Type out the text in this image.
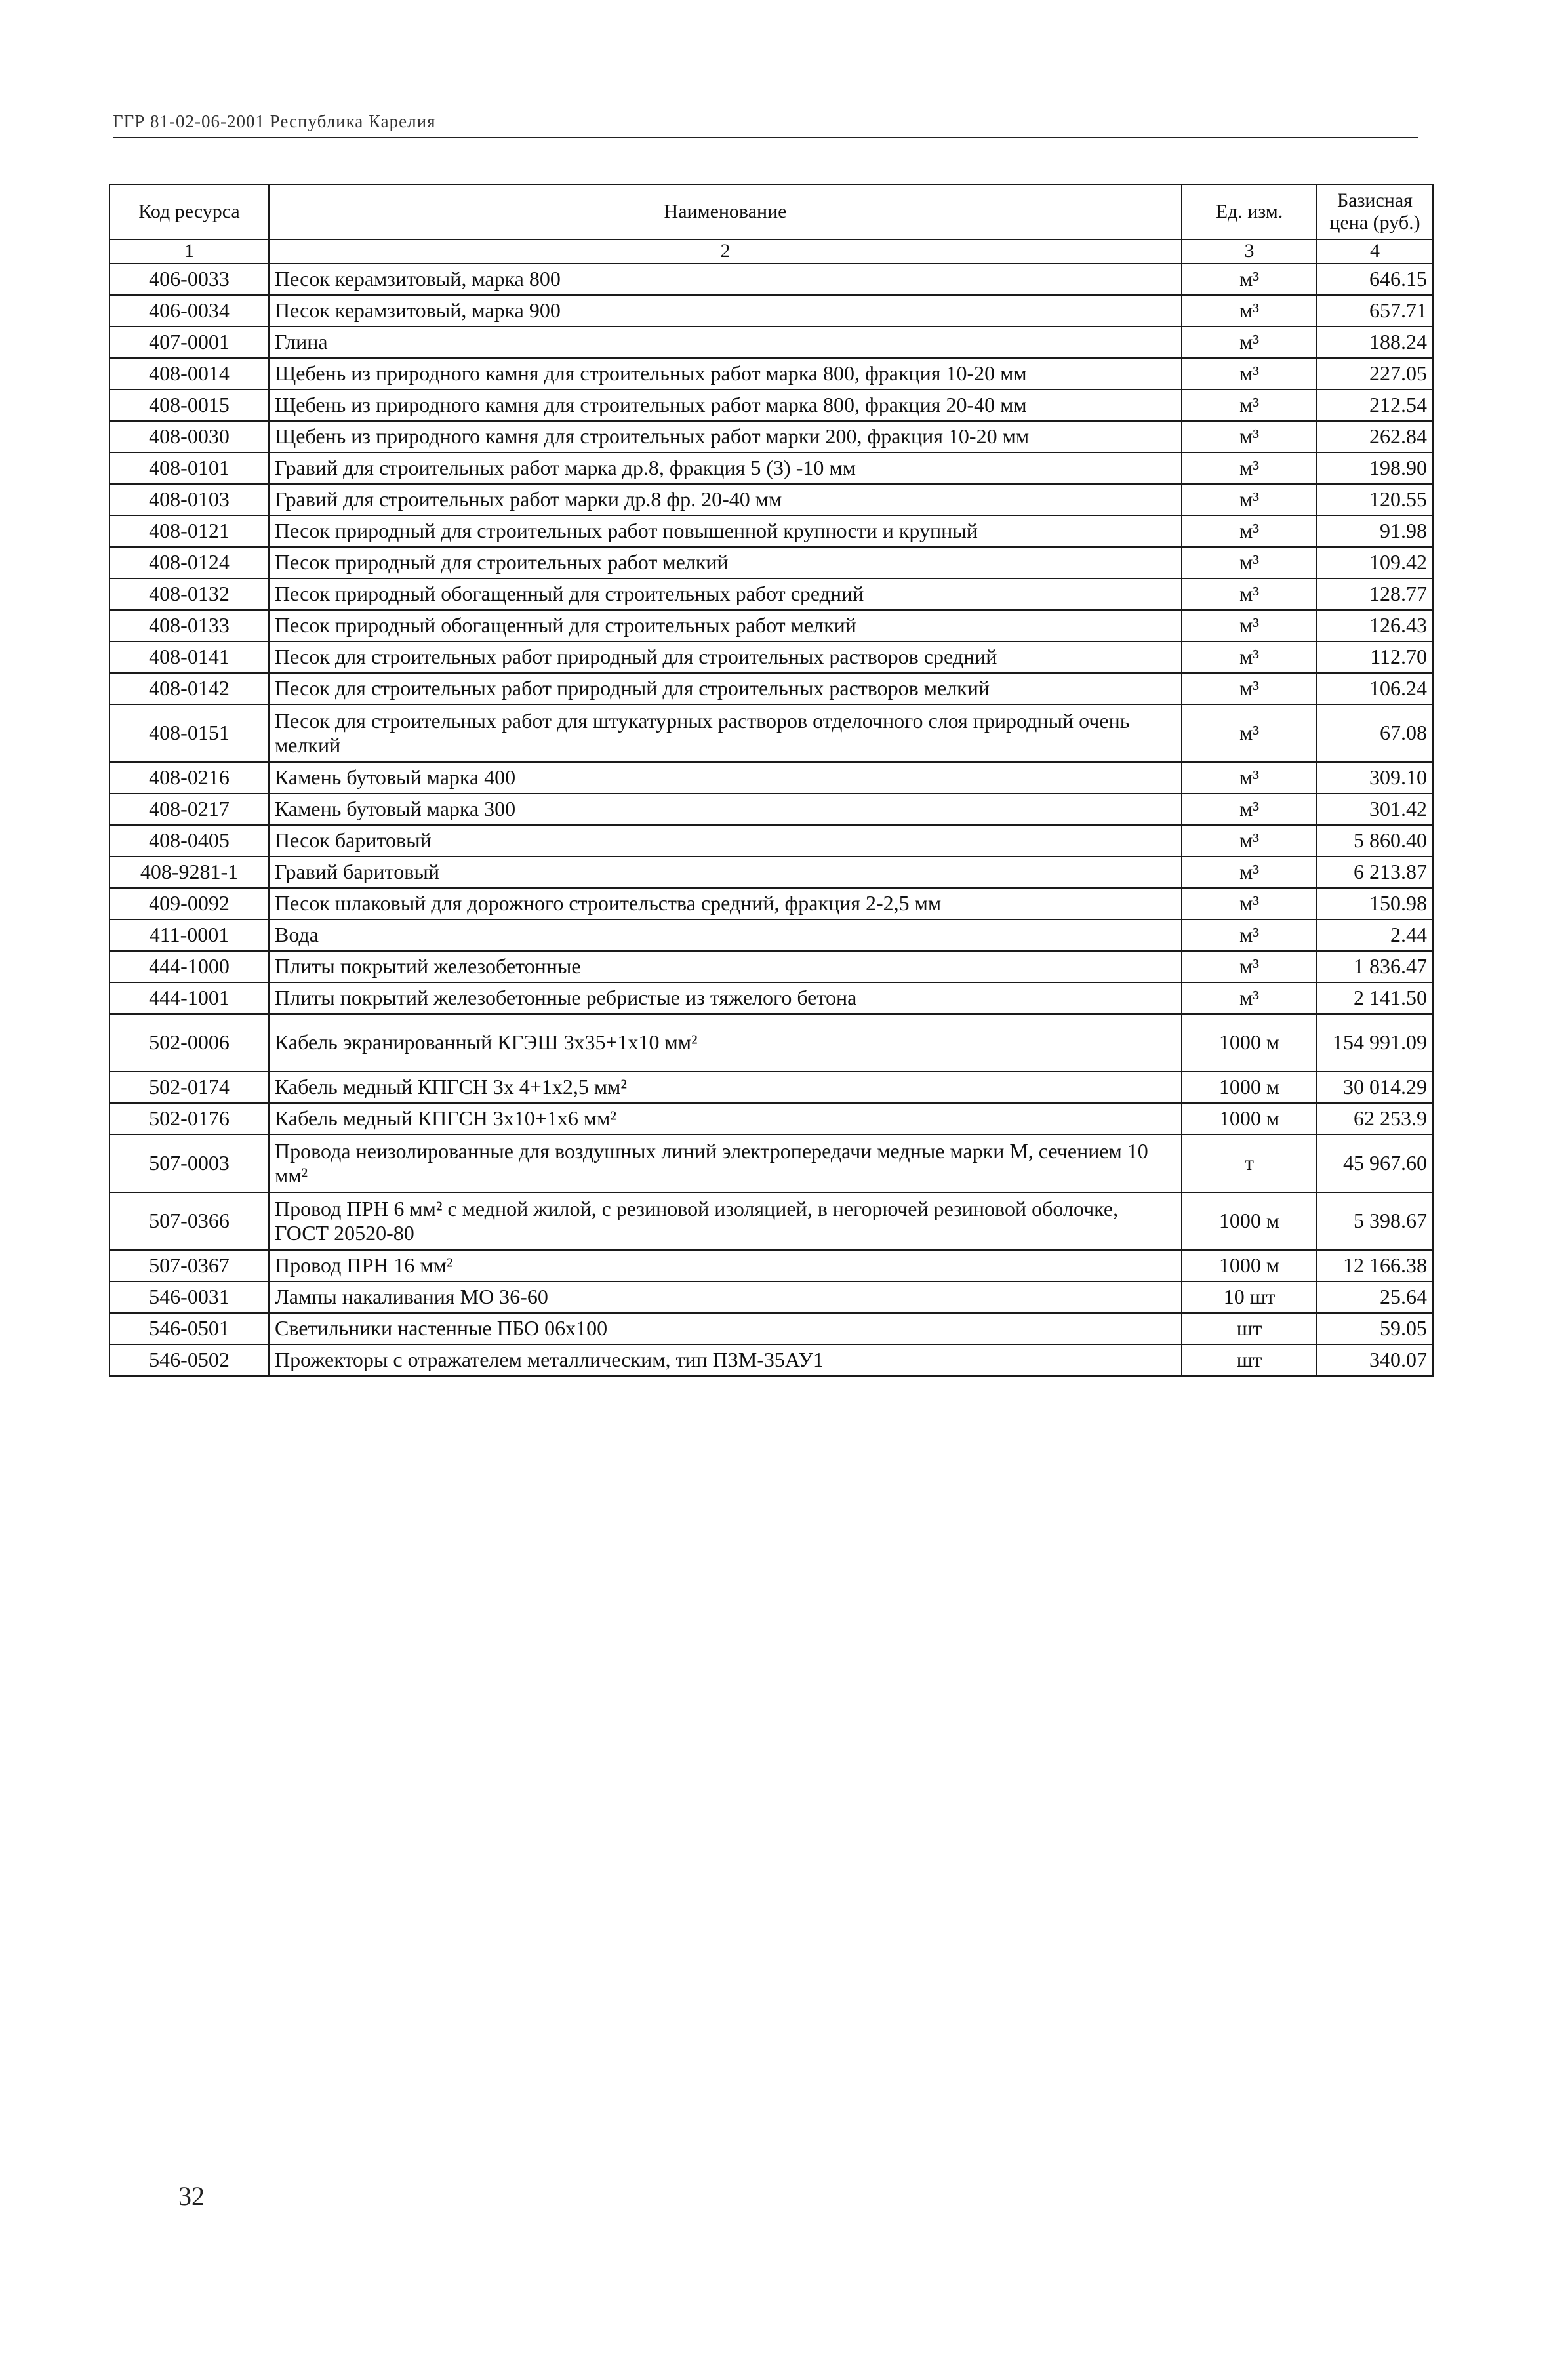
ГГР 81-02-06-2001 Республика Карелия
Код ресурса	Наименование	Ед. изм.	Базисная цена (руб.)
1	2	3	4
406-0033	Песок керамзитовый, марка 800	м³	646.15
406-0034	Песок керамзитовый, марка 900	м³	657.71
407-0001	Глина	м³	188.24
408-0014	Щебень из природного камня для строительных работ марка 800, фракция 10-20 мм	м³	227.05
408-0015	Щебень из природного камня для строительных работ марка 800, фракция 20-40 мм	м³	212.54
408-0030	Щебень из природного камня для строительных работ марки 200, фракция 10-20 мм	м³	262.84
408-0101	Гравий для строительных работ марка др.8, фракция 5 (3) -10 мм	м³	198.90
408-0103	Гравий для строительных работ марки др.8 фр. 20-40 мм	м³	120.55
408-0121	Песок природный для строительных работ повышенной крупности и крупный	м³	91.98
408-0124	Песок природный для строительных работ мелкий	м³	109.42
408-0132	Песок природный обогащенный для строительных работ средний	м³	128.77
408-0133	Песок природный обогащенный для строительных работ мелкий	м³	126.43
408-0141	Песок для строительных работ природный для строительных растворов средний	м³	112.70
408-0142	Песок для строительных работ природный для строительных растворов мелкий	м³	106.24
408-0151	Песок для строительных работ для штукатурных растворов отделочного слоя природный очень мелкий	м³	67.08
408-0216	Камень бутовый марка 400	м³	309.10
408-0217	Камень бутовый марка 300	м³	301.42
408-0405	Песок баритовый	м³	5 860.40
408-9281-1	Гравий баритовый	м³	6 213.87
409-0092	Песок шлаковый для дорожного строительства средний, фракция 2-2,5 мм	м³	150.98
411-0001	Вода	м³	2.44
444-1000	Плиты покрытий железобетонные	м³	1 836.47
444-1001	Плиты покрытий железобетонные ребристые из тяжелого бетона	м³	2 141.50
502-0006	Кабель экранированный КГЭШ 3х35+1х10 мм²	1000 м	154 991.09
502-0174	Кабель медный КПГСН 3х 4+1х2,5 мм²	1000 м	30 014.29
502-0176	Кабель медный КПГСН 3х10+1х6 мм²	1000 м	62 253.9
507-0003	Провода неизолированные для воздушных линий электропередачи медные марки М, сечением 10 мм²	т	45 967.60
507-0366	Провод ПРН 6 мм² с медной жилой, с резиновой изоляцией, в негорючей резиновой оболочке, ГОСТ 20520-80	1000 м	5 398.67
507-0367	Провод ПРН 16 мм²	1000 м	12 166.38
546-0031	Лампы накаливания МО 36-60	10 шт	25.64
546-0501	Светильники настенные ПБО 06х100	шт	59.05
546-0502	Прожекторы с отражателем металлическим, тип ПЗМ-35АУ1	шт	340.07
32
